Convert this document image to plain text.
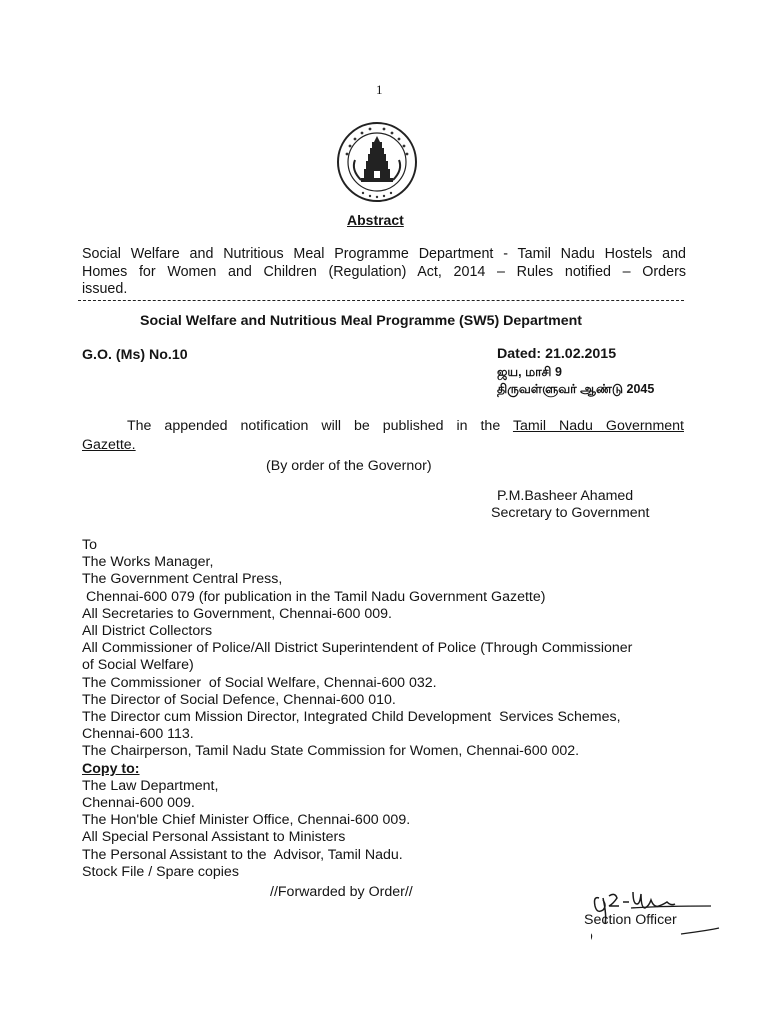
1
Abstract
Social Welfare and Nutritious Meal Programme Department - Tamil Nadu Hostels and
Homes for Women and Children (Regulation) Act, 2014 – Rules notified – Orders
issued.
Social Welfare and Nutritious Meal Programme (SW5) Department
G.O. (Ms) No.10	Dated: 21.02.2015
ஜய, மாசி 9
திருவள்ளுவர் ஆண்டு 2045
The appended notification will be published in the Tamil Nadu Government
Gazette.
(By order of the Governor)
P.M.Basheer Ahamed
Secretary to Government
To
The Works Manager,
The Government Central Press,
Chennai-600 079 (for publication in the Tamil Nadu Government Gazette)
All Secretaries to Government, Chennai-600 009.
All District Collectors
All Commissioner of Police/All District Superintendent of Police (Through Commissioner
of Social Welfare)
The Commissioner  of Social Welfare, Chennai-600 032.
The Director of Social Defence, Chennai-600 010.
The Director cum Mission Director, Integrated Child Development  Services Schemes,
Chennai-600 113.
The Chairperson, Tamil Nadu State Commission for Women, Chennai-600 002.
Copy to:
The Law Department,
Chennai-600 009.
The Hon'ble Chief Minister Office, Chennai-600 009.
All Special Personal Assistant to Ministers
The Personal Assistant to the  Advisor, Tamil Nadu.
Stock File / Spare copies
//Forwarded by Order//
Section Officer
